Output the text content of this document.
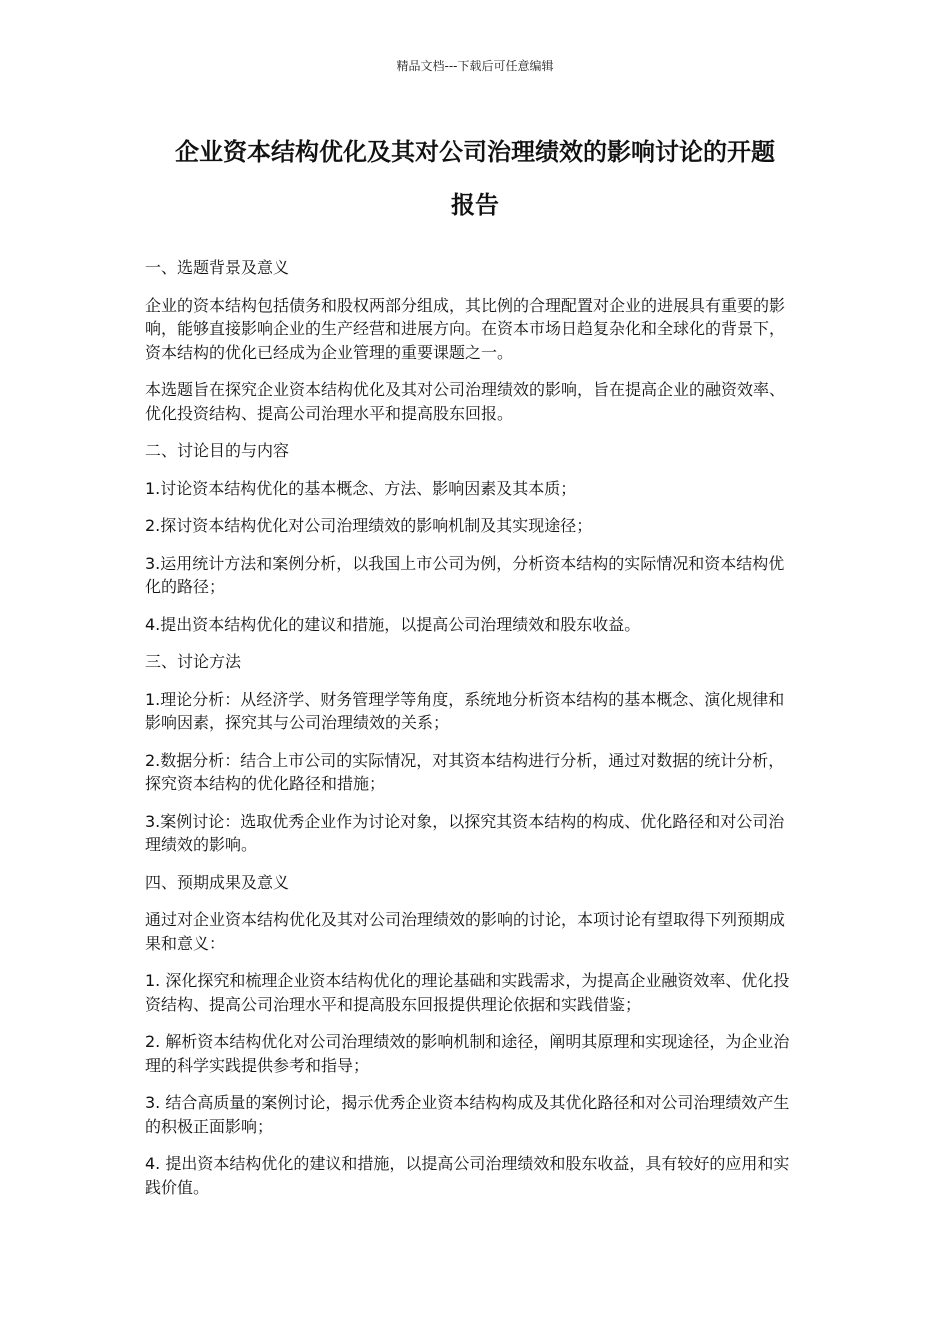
精品文档---下载后可任意编辑
企业资本结构优化及其对公司治理绩效的影响讨论的开题
报告

一、选题背景及意义

企业的资本结构包括债务和股权两部分组成，其比例的合理配置对企业的进展具有重要的影响，能够直接影响企业的生产经营和进展方向。在资本市场日趋复杂化和全球化的背景下，资本结构的优化已经成为企业管理的重要课题之一。

本选题旨在探究企业资本结构优化及其对公司治理绩效的影响，旨在提高企业的融资效率、优化投资结构、提高公司治理水平和提高股东回报。

二、讨论目的与内容

1.讨论资本结构优化的基本概念、方法、影响因素及其本质；

2.探讨资本结构优化对公司治理绩效的影响机制及其实现途径；

3.运用统计方法和案例分析，以我国上市公司为例，分析资本结构的实际情况和资本结构优化的路径；

4.提出资本结构优化的建议和措施，以提高公司治理绩效和股东收益。

三、讨论方法

1.理论分析：从经济学、财务管理学等角度，系统地分析资本结构的基本概念、演化规律和影响因素，探究其与公司治理绩效的关系；

2.数据分析：结合上市公司的实际情况，对其资本结构进行分析，通过对数据的统计分析，探究资本结构的优化路径和措施；

3.案例讨论：选取优秀企业作为讨论对象，以探究其资本结构的构成、优化路径和对公司治理绩效的影响。

四、预期成果及意义

通过对企业资本结构优化及其对公司治理绩效的影响的讨论，本项讨论有望取得下列预期成果和意义：

1. 深化探究和梳理企业资本结构优化的理论基础和实践需求，为提高企业融资效率、优化投资结构、提高公司治理水平和提高股东回报提供理论依据和实践借鉴；

2. 解析资本结构优化对公司治理绩效的影响机制和途径，阐明其原理和实现途径，为企业治理的科学实践提供参考和指导；

3. 结合高质量的案例讨论，揭示优秀企业资本结构构成及其优化路径和对公司治理绩效产生的积极正面影响；

4. 提出资本结构优化的建议和措施，以提高公司治理绩效和股东收益，具有较好的应用和实践价值。
